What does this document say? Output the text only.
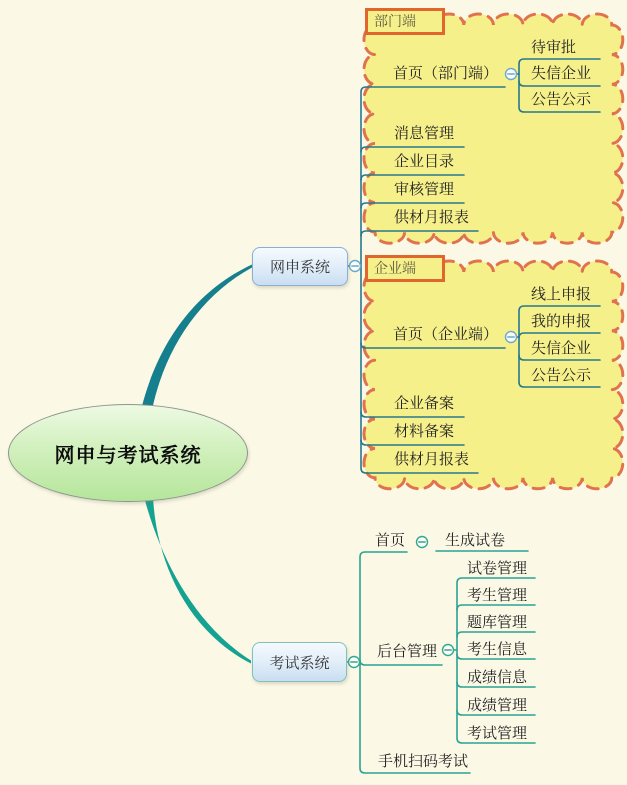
网申与考试系统
网申系统
考试系统
部门端
企业端
首页（部门端）
待审批
失信企业
公告公示
消息管理
企业目录
审核管理
供材月报表
首页（企业端）
线上申报
我的申报
失信企业
公告公示
企业备案
材料备案
供材月报表
首页	生成试卷
后台管理
试卷管理
考生管理
题库管理
考生信息
成绩信息
成绩管理
考试管理
手机扫码考试
